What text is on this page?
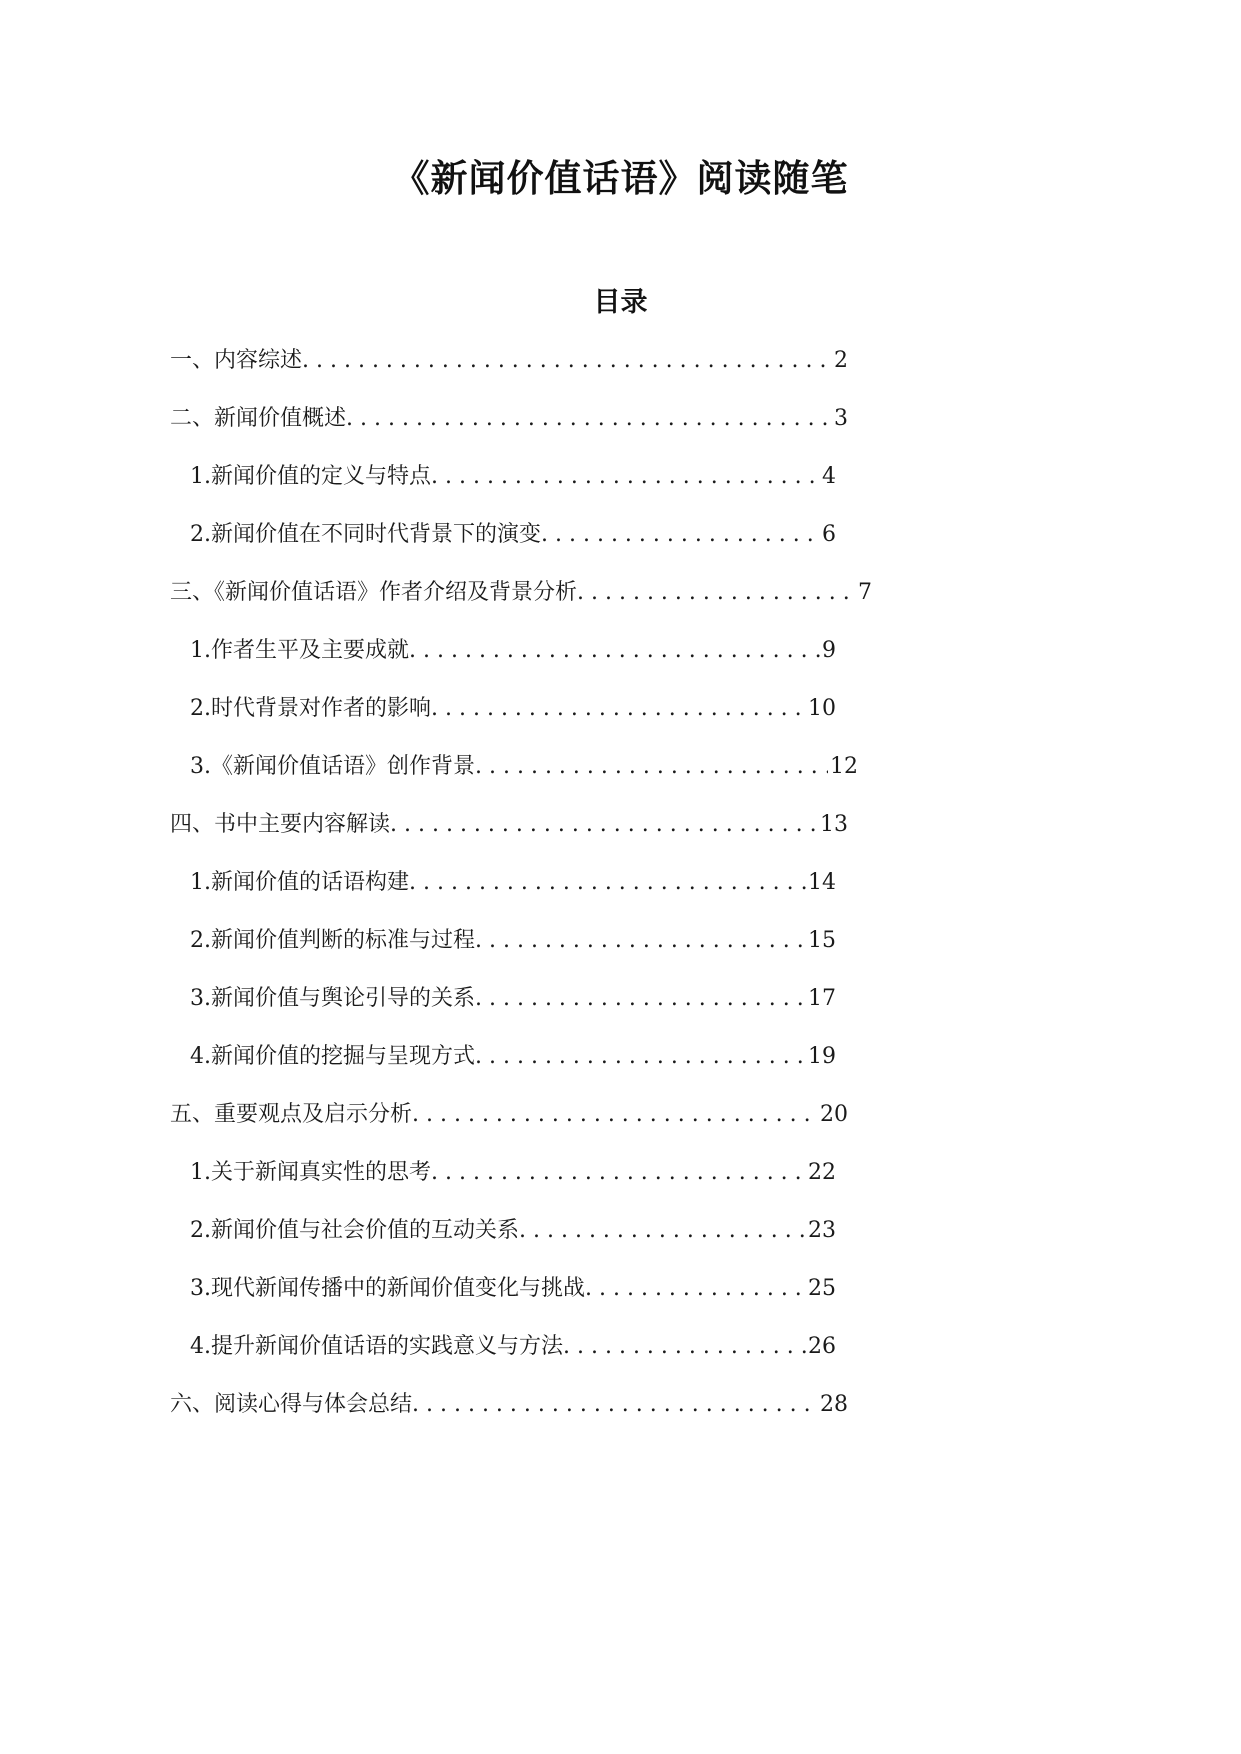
《新闻价值话语》阅读随笔
目录
一、内容综述 . . .	2
二、新闻价值概述 . . .	3
1. 新闻价值的定义与特点 . . .	4
2. 新闻价值在不同时代背景下的演变 . . .	6
三、《新闻价值话语》作者介绍及背景分析 . . .	7
1. 作者生平及主要成就 . . .	9
2. 时代背景对作者的影响 . . .	10
3. 《新闻价值话语》创作背景 . . .	12
四、书中主要内容解读 . . .	13
1. 新闻价值的话语构建 . . .	14
2. 新闻价值判断的标准与过程 . . .	15
3. 新闻价值与舆论引导的关系 . . .	17
4. 新闻价值的挖掘与呈现方式 . . .	19
五、重要观点及启示分析 . . .	20
1. 关于新闻真实性的思考 . . .	22
2. 新闻价值与社会价值的互动关系 . . .	23
3. 现代新闻传播中的新闻价值变化与挑战 . . .	25
4. 提升新闻价值话语的实践意义与方法 . . .	26
六、阅读心得与体会总结 . . .	28
